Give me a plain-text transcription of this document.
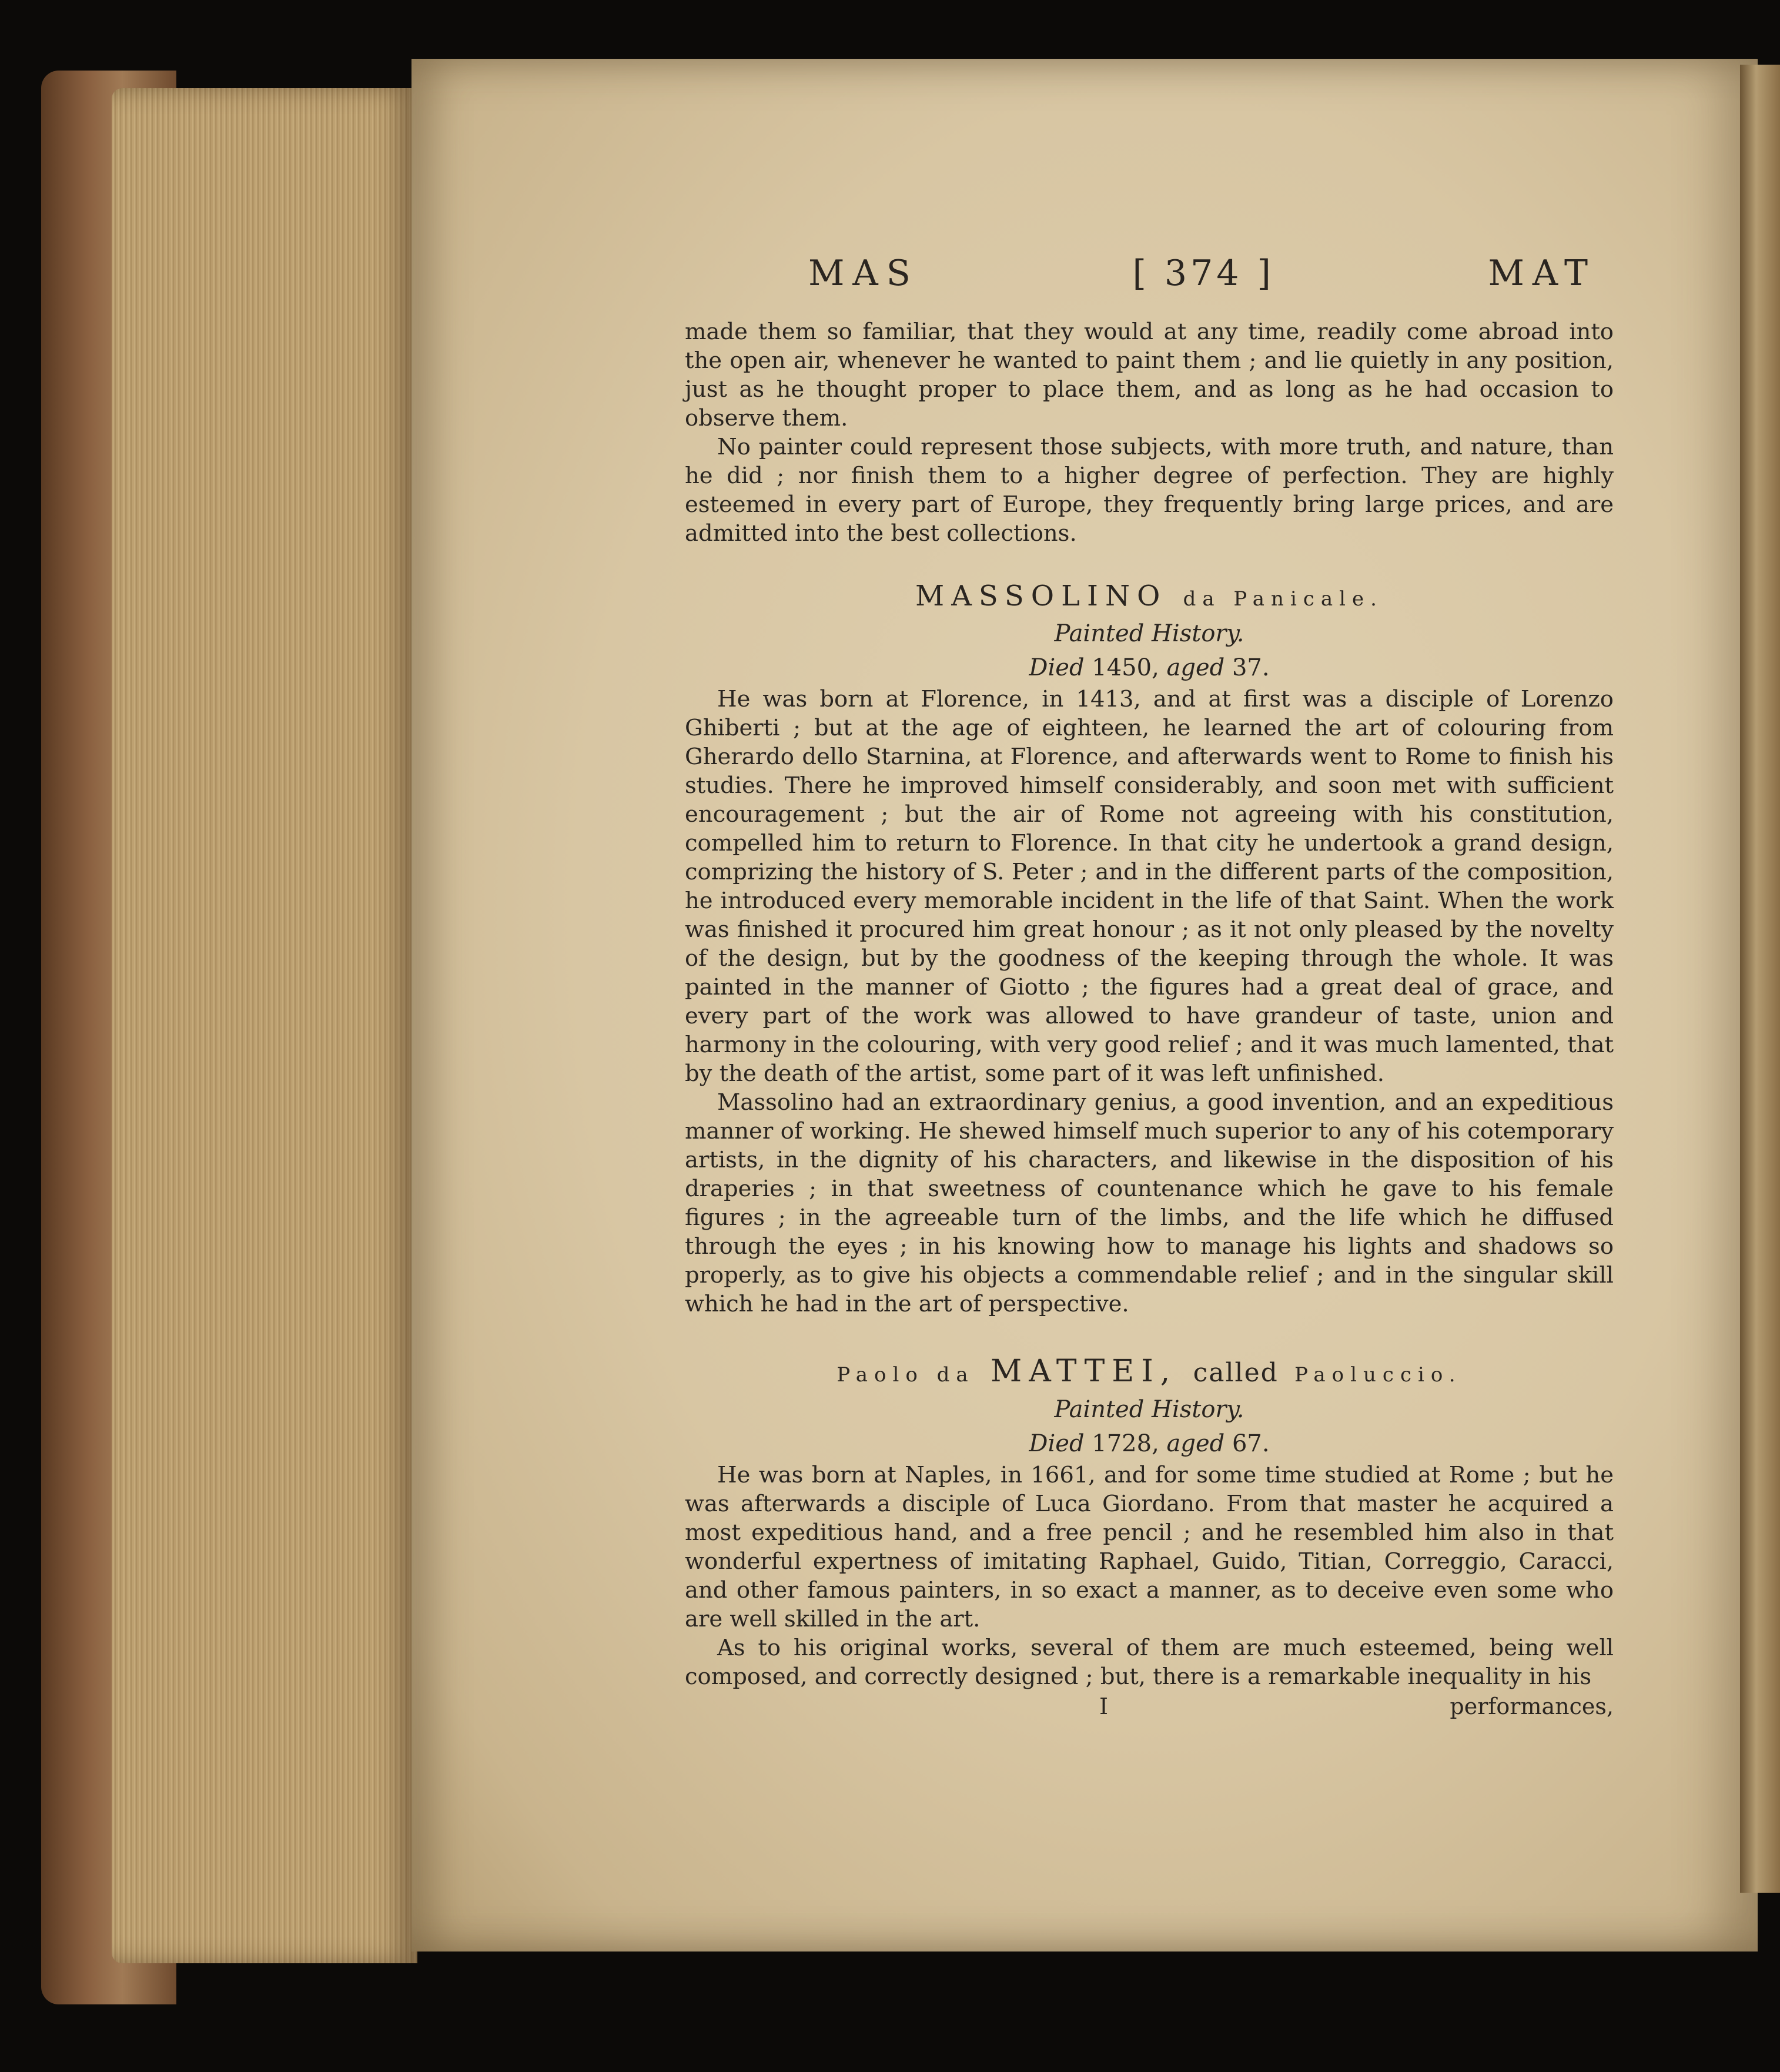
MAS	[ 374 ]	MAT

made them so familiar, that they would at any time, readily come abroad into the open air, whenever he wanted to paint them ; and lie quietly in any position, just as he thought proper to place them, and as long as he had occasion to observe them.

No painter could represent those subjects, with more truth, and nature, than he did ; nor finish them to a higher degree of perfection. They are highly esteemed in every part of Europe, they frequently bring large prices, and are admitted into the best collections.

MASSOLINO da Panicale.
Painted History.
Died 1450, aged 37.

He was born at Florence, in 1413, and at first was a disciple of Lorenzo Ghiberti ; but at the age of eighteen, he learned the art of colouring from Gherardo dello Starnina, at Florence, and afterwards went to Rome to finish his studies. There he improved himself considerably, and soon met with sufficient encouragement ; but the air of Rome not agreeing with his constitution, compelled him to return to Florence. In that city he undertook a grand design, comprizing the history of S. Peter ; and in the different parts of the composition, he introduced every memorable incident in the life of that Saint. When the work was finished it procured him great honour ; as it not only pleased by the novelty of the design, but by the goodness of the keeping through the whole. It was painted in the manner of Giotto ; the figures had a great deal of grace, and every part of the work was allowed to have grandeur of taste, union and harmony in the colouring, with very good relief ; and it was much lamented, that by the death of the artist, some part of it was left unfinished.

Massolino had an extraordinary genius, a good invention, and an expeditious manner of working. He shewed himself much superior to any of his cotemporary artists, in the dignity of his characters, and likewise in the disposition of his draperies ; in that sweetness of countenance which he gave to his female figures ; in the agreeable turn of the limbs, and the life which he diffused through the eyes ; in his knowing how to manage his lights and shadows so properly, as to give his objects a commendable relief ; and in the singular skill which he had in the art of perspective.

Paolo da MATTEI, called Paoluccio.
Painted History.
Died 1728, aged 67.

He was born at Naples, in 1661, and for some time studied at Rome ; but he was afterwards a disciple of Luca Giordano. From that master he acquired a most expeditious hand, and a free pencil ; and he resembled him also in that wonderful expertness of imitating Raphael, Guido, Titian, Correggio, Caracci, and other famous painters, in so exact a manner, as to deceive even some who are well skilled in the art.

As to his original works, several of them are much esteemed, being well composed, and correctly designed ; but, there is a remarkable inequality in his

I	performances,
